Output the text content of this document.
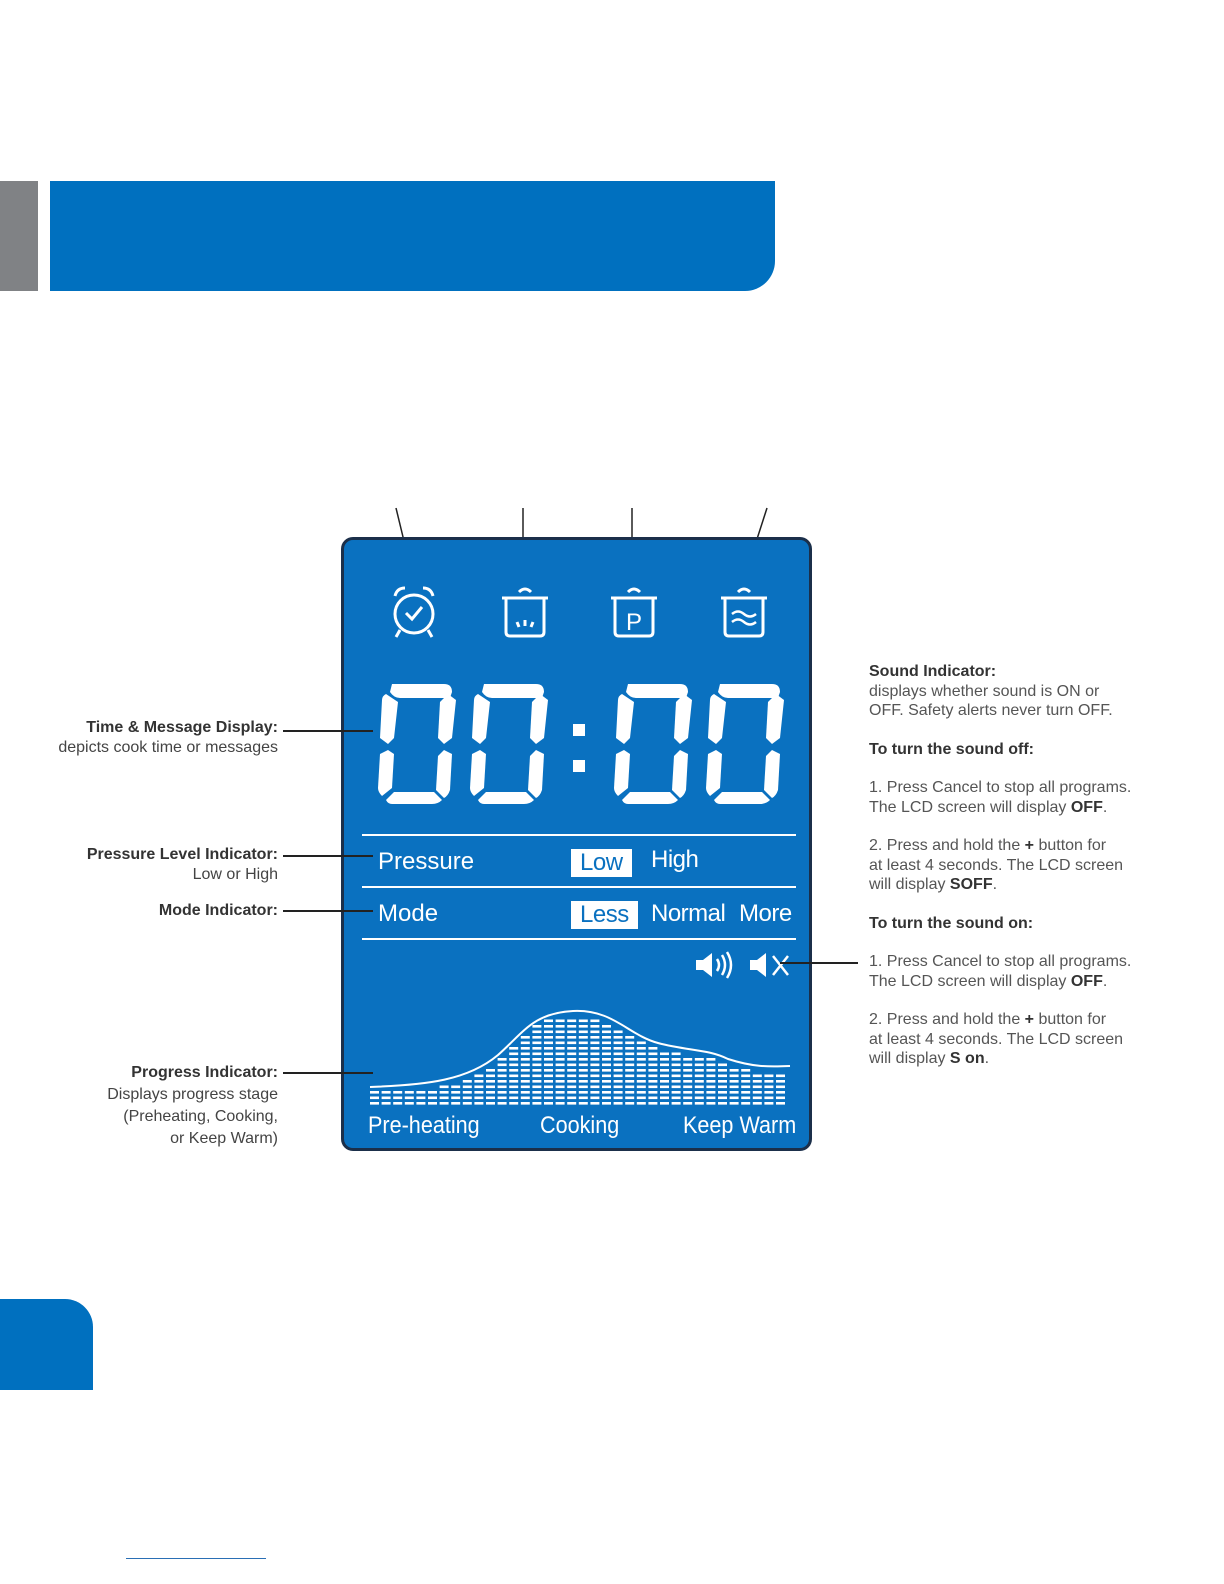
P
00:00
Pressure	Low	High
Mode	Less Normal More
Pre-heating	Cooking	Keep Warm
Time & Message Display:
depicts cook time or messages
Pressure Level Indicator:
Low or High
Mode Indicator:
Progress Indicator:
Displays progress stage
(Preheating, Cooking,
or Keep Warm)

Sound Indicator:

displays whether sound is ON or

OFF. Safety alerts never turn OFF.

To turn the sound off:

1. Press Cancel to stop all programs.

The LCD screen will display OFF.

2. Press and hold the + button for

at least 4 seconds. The LCD screen

will display SOFF.

To turn the sound on:

1. Press Cancel to stop all programs.

The LCD screen will display OFF.

2. Press and hold the + button for

at least 4 seconds. The LCD screen

will display S on.
